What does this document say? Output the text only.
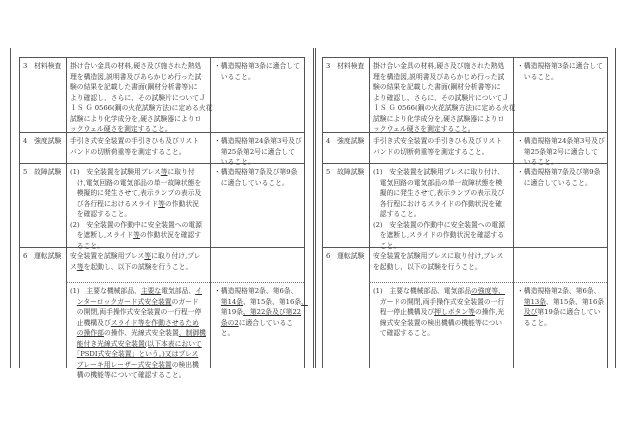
3　材料検査 掛け合い金具の材料,硬さ及び施された熱処
理を構造図,説明書及びあらかじめ行った試
験の結果を記載した書面(鋼材分析書等)に
より確認し、さらに、その試験片についてＪ
ＩＳ Ｇ 0566(鋼の火花試験方法)に定める火花
試験により化学成分を,硬さ試験器によりロ
ックウェル硬さを測定すること。
・構造規格第3条に適合して
　いること。
4　強度試験 手引き式安全装置の手引きひも及びリスト
バンドの切断荷重等を測定すること。
・構造規格第24条第3号及び
　第25条第2号に適合して
　いること。
5　故障試験 (1)　安全装置を試験用プレス等に取り付
　け,電気回路の電気部品の単一故障状態を
　模擬的に発生させて,表示ランプの表示及
　び各行程におけるスライド等の作動状況
　を確認すること。
(2)　安全装置の作動中に安全装置への電源
　を遮断し,スライド等の作動状況を確認す
　ること。
・構造規格第7条及び第9条
　に適合していること。
6　運転試験 安全装置を試験用プレス等に取り付け,プレ
ス等を起動し、以下の試験を行うこと。
(1)　主要な機械部品、主要な電気部品、イ
　ンターロックガード式安全装置のガード
　の開閉,両手操作式安全装置の一行程一停
　止機構及びスライド等を作動させるため
　の操作部の操作、光線式安全装置、制御機
　能付き光線式安全装置(以下本表において
　「PSDI式安全装置」という。)又はプレス
　ブレーキ用レーザー式安全装置の検出機
　構の機能等について確認すること。
・構造規格第2条、第6条、
　第14条、第15条、第16条、
　第19条、第22条及び第22
　条の2に適合しているこ
　と。
3　材料検査 掛け合い金具の材料,硬さ及び施された熱処
理を構造図,説明書及びあらかじめ行った試
験の結果を記載した書面(鋼材分析書等)に
より確認し、さらに、その試験片についてＪ
ＩＳ Ｇ 0566(鋼の火花試験方法)に定める火花
試験により化学成分を,硬さ試験器によりロ
ックウェル硬さを測定すること。
・構造規格第3条に適合して
　いること。
4　強度試験 手引き式安全装置の手引きひも及びリスト
バンドの切断荷重等を測定すること。
・構造規格第24条第3号及び
　第25条第2号に適合して
　いること。
5　故障試験 (1)　安全装置を試験用プレスに取り付け、
　電気回路の電気部品の単一故障状態を模
　擬的に発生させて,表示ランプの表示及び
　各行程におけるスライドの作動状況を確
　認すること。
(2)　安全装置の作動中に安全装置への電源
　を遮断し,スライドの作動状況を確認する
　こと。
・構造規格第7条及び第9条
　に適合していること。
6　運転試験 安全装置を試験用プレスに取り付け,プレス
を起動し、以下の試験を行うこと。
(1)　主要な機械部品、電気部品の強度等、
　ガードの開閉,両手操作式安全装置の一行
　程一停止機構及び押しボタン等の操作,光
　線式安全装置の検出機構の機能等につい
　て確認すること。
・構造規格第2条、第6条、
　第13条、第15条、第16条
　及び第19条に適合してい
　ること。
